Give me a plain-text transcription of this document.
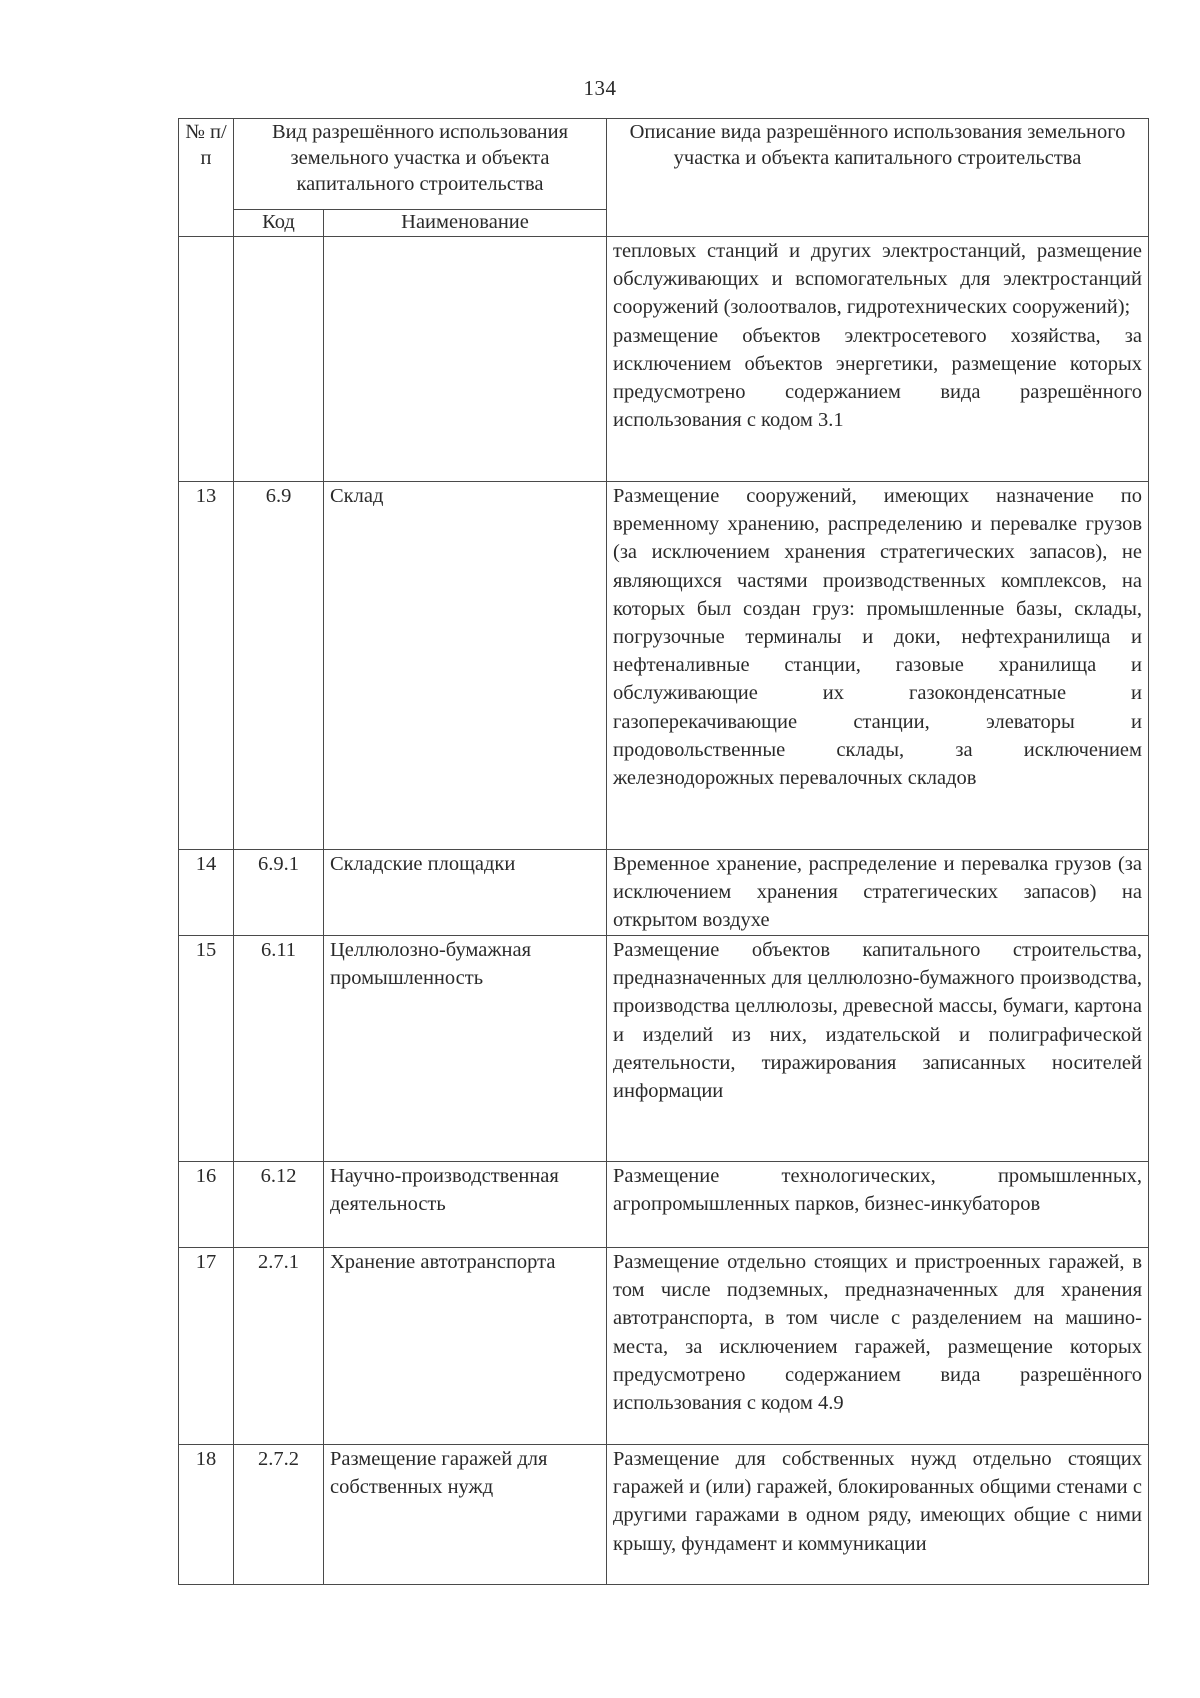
134
№ п/п	Вид разрешённого использования земельного участка и объекта капитального строительства		Описание вида разрешённого использования земельного участка и объекта капитального строительства
	Код	Наименование	

			тепловых станций и других электростанций, размещение обслуживающих и вспомогательных для электростанций сооружений (золоотвалов, гидротехнических сооружений);
размещение объектов электросетевого хозяйства, за исключением объектов энергетики, размещение которых предусмотрено содержанием вида разрешённого использования с кодом 3.1

13	6.9	Склад	Размещение сооружений, имеющих назначение по временному хранению, распределению и перевалке грузов (за исключением хранения стратегических запасов), не являющихся частями производственных комплексов, на которых был создан груз: промышленные базы, склады, погрузочные терминалы и доки, нефтехранилища и нефтеналивные станции, газовые хранилища и обслуживающие их газоконденсатные и газоперекачивающие станции, элеваторы и продовольственные склады, за исключением железнодорожных перевалочных складов
14	6.9.1	Складские площадки	Временное хранение, распределение и перевалка грузов (за исключением хранения стратегических запасов) на открытом воздухе
15	6.11	Целлюлозно-бумажная промышленность	Размещение объектов капитального строительства, предназначенных для целлюлозно-бумажного производства, производства целлюлозы, древесной массы, бумаги, картона и изделий из них, издательской и полиграфической деятельности, тиражирования записанных носителей информации
16	6.12	Научно-производственная деятельность	Размещение технологических, промышленных, агропромышленных парков, бизнес-инкубаторов
17	2.7.1	Хранение автотранспорта	Размещение отдельно стоящих и пристроенных гаражей, в том числе подземных, предназначенных для хранения автотранспорта, в том числе с разделением на машино-места, за исключением гаражей, размещение которых предусмотрено содержанием вида разрешённого использования с кодом 4.9
18	2.7.2	Размещение гаражей для собственных нужд	Размещение для собственных нужд отдельно стоящих гаражей и (или) гаражей, блокированных общими стенами с другими гаражами в одном ряду, имеющих общие с ними крышу, фундамент и коммуникации
